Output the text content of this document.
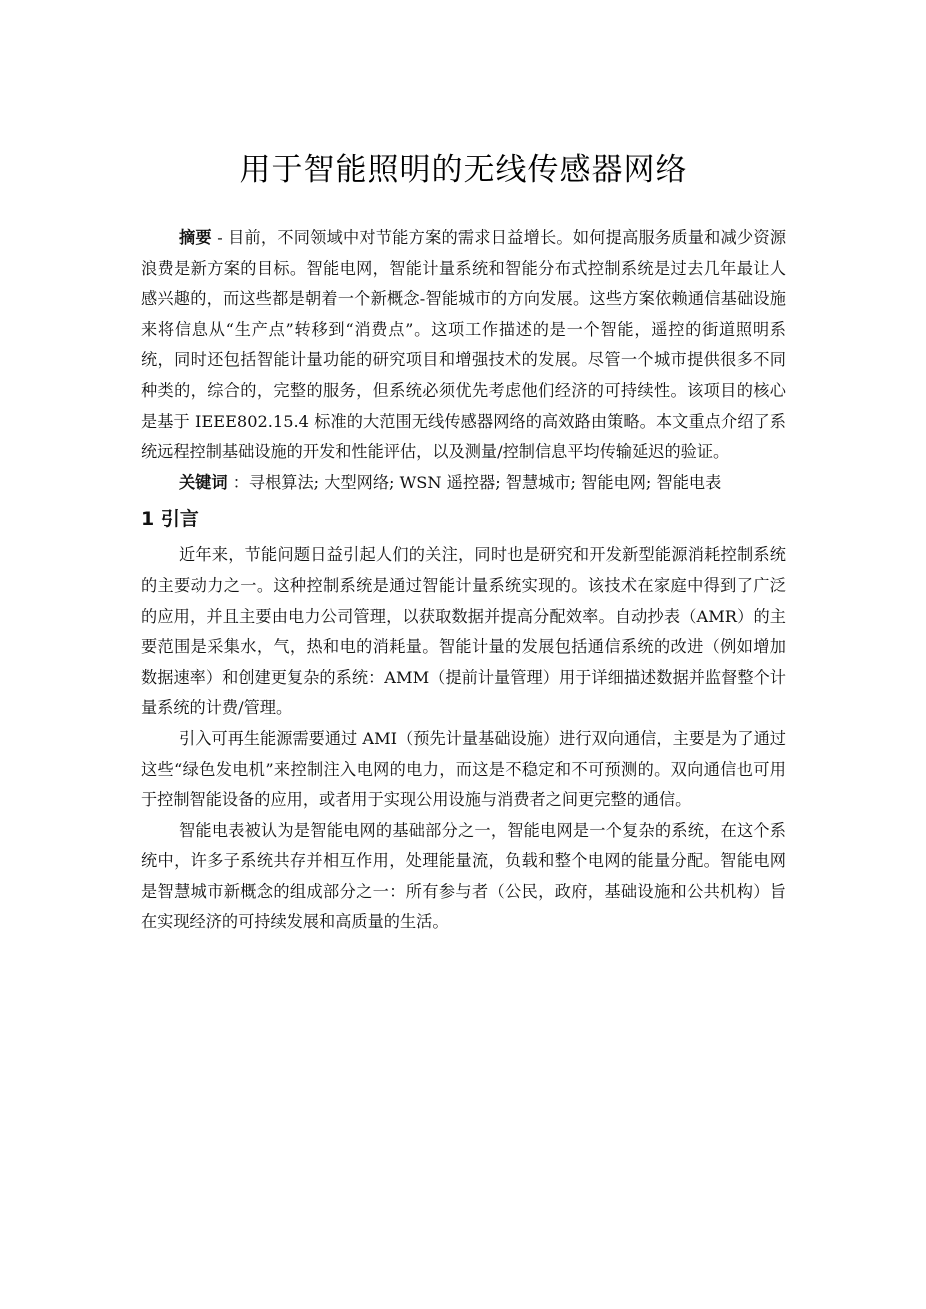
用于智能照明的无线传感器网络

摘要 - 目前，不同领域中对节能方案的需求日益增长。如何提高服务质量和减少资源浪费是新方案的目标。智能电网，智能计量系统和智能分布式控制系统是过去几年最让人感兴趣的，而这些都是朝着一个新概念-智能城市的方向发展。这些方案依赖通信基础设施来将信息从“生产点”转移到“消费点”。这项工作描述的是一个智能，遥控的街道照明系统，同时还包括智能计量功能的研究项目和增强技术的发展。尽管一个城市提供很多不同种类的，综合的，完整的服务，但系统必须优先考虑他们经济的可持续性。该项目的核心是基于 IEEE802.15.4 标准的大范围无线传感器网络的高效路由策略。本文重点介绍了系统远程控制基础设施的开发和性能评估，以及测量/控制信息平均传输延迟的验证。

关键词 ：寻根算法; 大型网络; WSN 遥控器; 智慧城市; 智能电网; 智能电表

1 引言

近年来，节能问题日益引起人们的关注，同时也是研究和开发新型能源消耗控制系统的主要动力之一。这种控制系统是通过智能计量系统实现的。该技术在家庭中得到了广泛的应用，并且主要由电力公司管理，以获取数据并提高分配效率。自动抄表（AMR）的主要范围是采集水，气，热和电的消耗量。智能计量的发展包括通信系统的改进（例如增加数据速率）和创建更复杂的系统：AMM（提前计量管理）用于详细描述数据并监督整个计量系统的计费/管理。

引入可再生能源需要通过 AMI（预先计量基础设施）进行双向通信，主要是为了通过这些“绿色发电机”来控制注入电网的电力，而这是不稳定和不可预测的。双向通信也可用于控制智能设备的应用，或者用于实现公用设施与消费者之间更完整的通信。

智能电表被认为是智能电网的基础部分之一，智能电网是一个复杂的系统，在这个系统中，许多子系统共存并相互作用，处理能量流，负载和整个电网的能量分配。智能电网是智慧城市新概念的组成部分之一：所有参与者（公民，政府，基础设施和公共机构）旨在实现经济的可持续发展和高质量的生活。
